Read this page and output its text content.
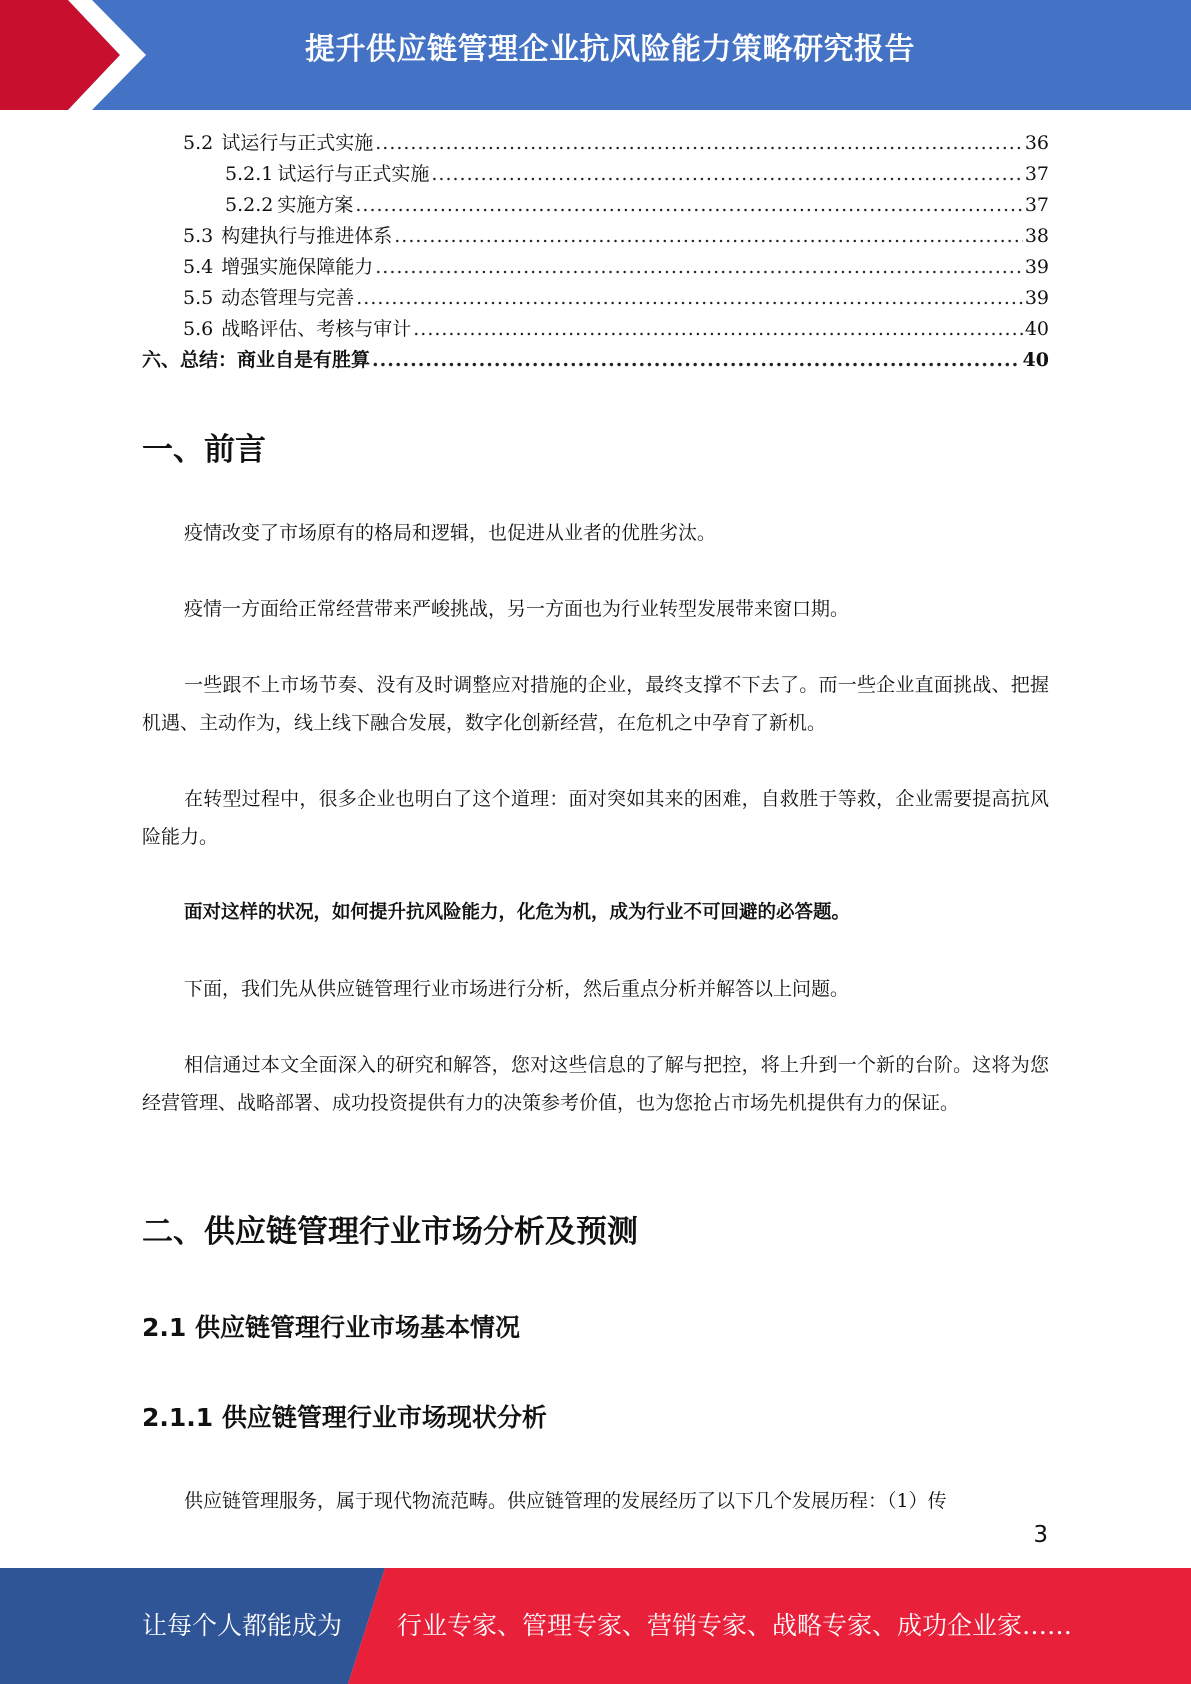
提升供应链管理企业抗风险能力策略研究报告
5.2 试运行与正式实施 .....	36
5.2.1 试运行与正式实施 .....	37
5.2.2 实施方案 .....	37
5.3 构建执行与推进体系 .....	38
5.4 增强实施保障能力 .....	39
5.5 动态管理与完善 .....	39
5.6 战略评估、考核与审计 .....	40
六、总结：商业自是有胜算 .....	40
一、前言

疫情改变了市场原有的格局和逻辑，也促进从业者的优胜劣汰。

疫情一方面给正常经营带来严峻挑战，另一方面也为行业转型发展带来窗口期。

一些跟不上市场节奏、没有及时调整应对措施的企业，最终支撑不下去了。而一些企业直面挑战、把握机遇、主动作为，线上线下融合发展，数字化创新经营，在危机之中孕育了新机。

在转型过程中，很多企业也明白了这个道理：面对突如其来的困难，自救胜于等救，企业需要提高抗风险能力。

面对这样的状况，如何提升抗风险能力，化危为机，成为行业不可回避的必答题。

下面，我们先从供应链管理行业市场进行分析，然后重点分析并解答以上问题。

相信通过本文全面深入的研究和解答，您对这些信息的了解与把控，将上升到一个新的台阶。这将为您经营管理、战略部署、成功投资提供有力的决策参考价值，也为您抢占市场先机提供有力的保证。

二、供应链管理行业市场分析及预测
2.1 供应链管理行业市场基本情况
2.1.1 供应链管理行业市场现状分析

供应链管理服务，属于现代物流范畴。供应链管理的发展经历了以下几个发展历程：（1）传

3
让每个人都能成为 行业专家、管理专家、营销专家、战略专家、成功企业家……
